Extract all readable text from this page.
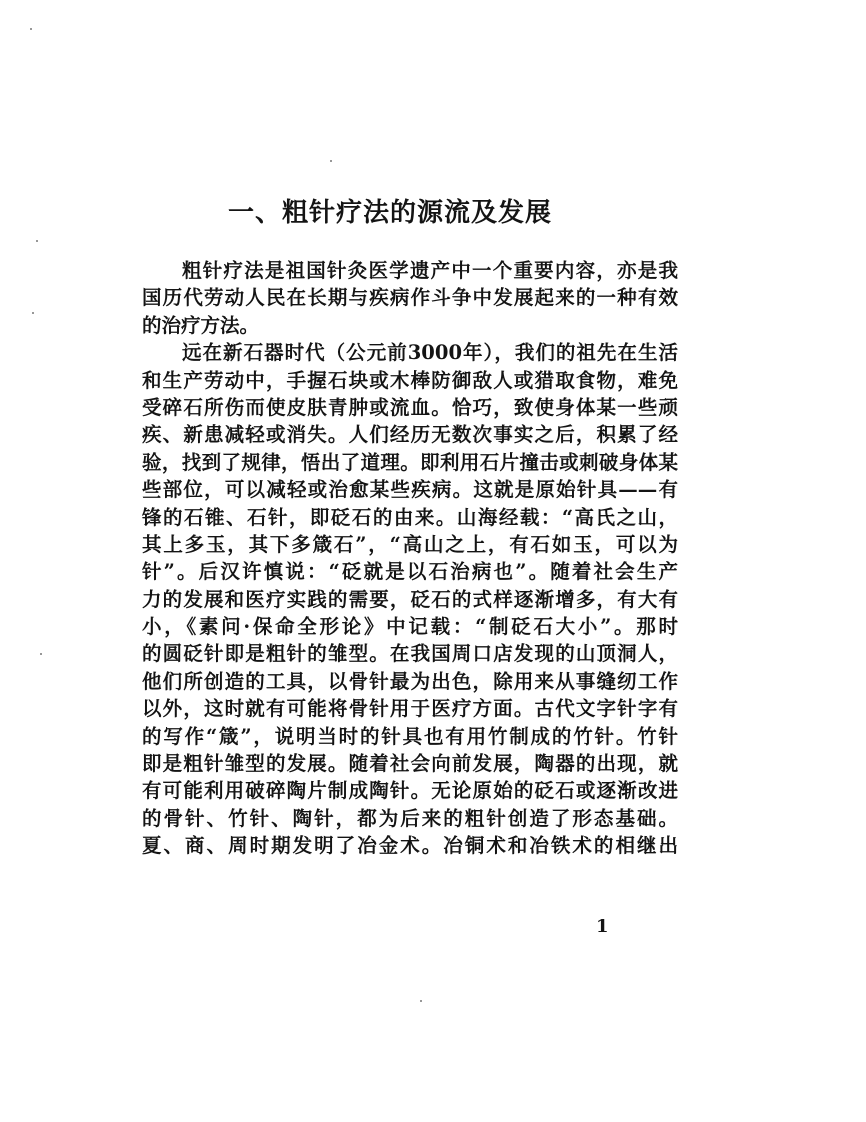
一、粗针疗法的源流及发展
粗针疗法是祖国针灸医学遗产中一个重要内容，亦是我
国历代劳动人民在长期与疾病作斗争中发展起来的一种有效
的治疗方法。
远在新石器时代（公元前3000年），我们的祖先在生活
和生产劳动中，手握石块或木棒防御敌人或猎取食物，难免
受碎石所伤而使皮肤青肿或流血。恰巧，致使身体某一些顽
疾、新患减轻或消失。人们经历无数次事实之后，积累了经
验，找到了规律，悟出了道理。即利用石片撞击或刺破身体某
些部位，可以减轻或治愈某些疾病。这就是原始针具——有
锋的石锥、石针，即砭石的由来。山海经载：“高氏之山，
其上多玉，其下多箴石”，“高山之上，有石如玉，可以为
针”。后汉许慎说：“砭就是以石治病也”。随着社会生产
力的发展和医疗实践的需要，砭石的式样逐渐增多，有大有
小，《素问·保命全形论》中记载：“制砭石大小”。那时
的圆砭针即是粗针的雏型。在我国周口店发现的山顶洞人，
他们所创造的工具，以骨针最为出色，除用来从事缝纫工作
以外，这时就有可能将骨针用于医疗方面。古代文字针字有
的写作“箴”，说明当时的针具也有用竹制成的竹针。竹针
即是粗针雏型的发展。随着社会向前发展，陶器的出现，就
有可能利用破碎陶片制成陶针。无论原始的砭石或逐渐改进
的骨针、竹针、陶针，都为后来的粗针创造了形态基础。
夏、商、周时期发明了冶金术。冶铜术和冶铁术的相继出
1
